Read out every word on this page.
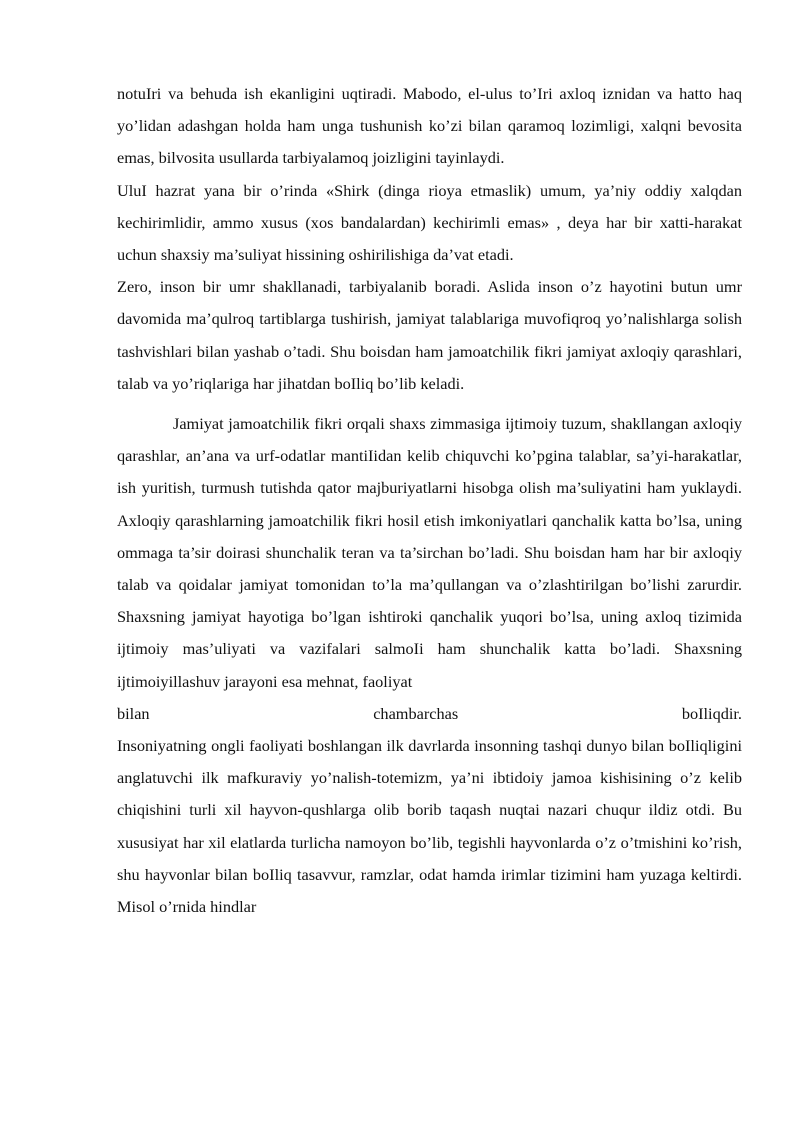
notuIri va behuda ish ekanligini uqtiradi. Mabodo, el-ulus to’Iri axloq iznidan va hatto haq yo’lidan adashgan holda ham unga tushunish ko’zi bilan qaramoq lozimligi, xalqni bevosita emas, bilvosita usullarda tarbiyalamoq joizligini tayinlaydi.

UluI hazrat yana bir o’rinda «Shirk (dinga rioya etmaslik) umum, ya’niy oddiy xalqdan kechirimlidir, ammo xusus (xos bandalardan) kechirimli emas» , deya har bir xatti-harakat uchun shaxsiy ma’suliyat hissining oshirilishiga da’vat etadi.

Zero, inson bir umr shakllanadi, tarbiyalanib boradi. Aslida inson o’z hayotini butun umr davomida ma’qulroq tartiblarga tushirish, jamiyat talablariga muvofiqroq yo’nalishlarga solish tashvishlari bilan yashab o’tadi. Shu boisdan ham jamoatchilik fikri jamiyat axloqiy qarashlari, talab va yo’riqlariga har jihatdan boIliq bo’lib keladi.

Jamiyat jamoatchilik fikri orqali shaxs zimmasiga ijtimoiy tuzum, shakllangan axloqiy qarashlar, an’ana va urf-odatlar mantiIidan kelib chiquvchi ko’pgina talablar, sa’yi-harakatlar, ish yuritish, turmush tutishda qator majburiyatlarni hisobga olish ma’suliyatini ham yuklaydi. Axloqiy qarashlarning jamoatchilik fikri hosil etish imkoniyatlari qanchalik katta bo’lsa, uning ommaga ta’sir doirasi shunchalik teran va ta’sirchan bo’ladi. Shu boisdan ham har bir axloqiy talab va qoidalar jamiyat tomonidan to’la ma’qullangan va o’zlashtirilgan bo’lishi zarurdir. Shaxsning jamiyat hayotiga bo’lgan ishtiroki qanchalik yuqori bo’lsa, uning axloq tizimida ijtimoiy mas’uliyati va vazifalari salmoIi ham shunchalik katta bo’ladi. Shaxsning ijtimoiyillashuv jarayoni esa mehnat, faoliyat

bilan	chambarchas	boIliqdir.

Insoniyatning ongli faoliyati boshlangan ilk davrlarda insonning tashqi dunyo bilan boIliqligini anglatuvchi ilk mafkuraviy yo’nalish-totemizm, ya’ni ibtidoiy jamoa kishisining o’z kelib chiqishini turli xil hayvon-qushlarga olib borib taqash nuqtai nazari chuqur ildiz otdi. Bu xususiyat har xil elatlarda turlicha namoyon bo’lib, tegishli hayvonlarda o’z o’tmishini ko’rish, shu hayvonlar bilan boIliq tasavvur, ramzlar, odat hamda irimlar tizimini ham yuzaga keltirdi. Misol o’rnida hindlar
